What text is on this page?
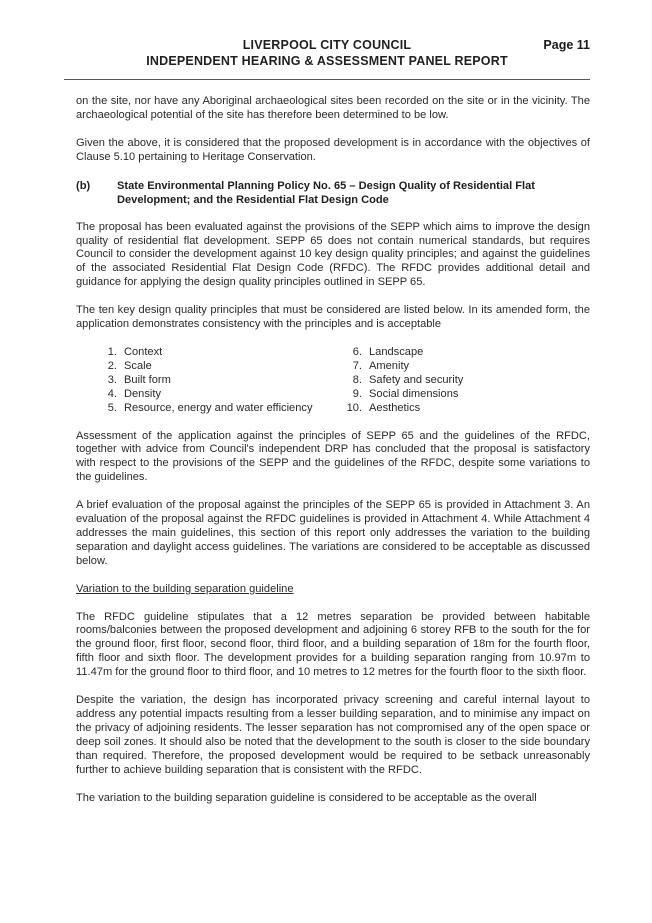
LIVERPOOL CITY COUNCIL
INDEPENDENT HEARING & ASSESSMENT PANEL REPORT
Page 11

on the site, nor have any Aboriginal archaeological sites been recorded on the site or in the vicinity. The archaeological potential of the site has therefore been determined to be low.

Given the above, it is considered that the proposed development is in accordance with the objectives of Clause 5.10 pertaining to Heritage Conservation.

(b)	State Environmental Planning Policy No. 65 – Design Quality of Residential Flat Development; and the Residential Flat Design Code

The proposal has been evaluated against the provisions of the SEPP which aims to improve the design quality of residential flat development. SEPP 65 does not contain numerical standards, but requires Council to consider the development against 10 key design quality principles; and against the guidelines of the associated Residential Flat Design Code (RFDC). The RFDC provides additional detail and guidance for applying the design quality principles outlined in SEPP 65.

The ten key design quality principles that must be considered are listed below. In its amended form, the application demonstrates consistency with the principles and is acceptable

1. Context
2. Scale
3. Built form
4. Density
5. Resource, energy and water efficiency
6. Landscape
7. Amenity
8. Safety and security
9. Social dimensions
10. Aesthetics

Assessment of the application against the principles of SEPP 65 and the guidelines of the RFDC, together with advice from Council's independent DRP has concluded that the proposal is satisfactory with respect to the provisions of the SEPP and the guidelines of the RFDC, despite some variations to the guidelines.

A brief evaluation of the proposal against the principles of the SEPP 65 is provided in Attachment 3. An evaluation of the proposal against the RFDC guidelines is provided in Attachment 4. While Attachment 4 addresses the main guidelines, this section of this report only addresses the variation to the building separation and daylight access guidelines. The variations are considered to be acceptable as discussed below.

Variation to the building separation guideline

The RFDC guideline stipulates that a 12 metres separation be provided between habitable rooms/balconies between the proposed development and adjoining 6 storey RFB to the south for the for the ground floor, first floor, second floor, third floor, and a building separation of 18m for the fourth floor, fifth floor and sixth floor. The development provides for a building separation ranging from 10.97m to 11.47m for the ground floor to third floor, and 10 metres to 12 metres for the fourth floor to the sixth floor.

Despite the variation, the design has incorporated privacy screening and careful internal layout to address any potential impacts resulting from a lesser building separation, and to minimise any impact on the privacy of adjoining residents. The lesser separation has not compromised any of the open space or deep soil zones. It should also be noted that the development to the south is closer to the side boundary than required. Therefore, the proposed development would be required to be setback unreasonably further to achieve building separation that is consistent with the RFDC.

The variation to the building separation guideline is considered to be acceptable as the overall
